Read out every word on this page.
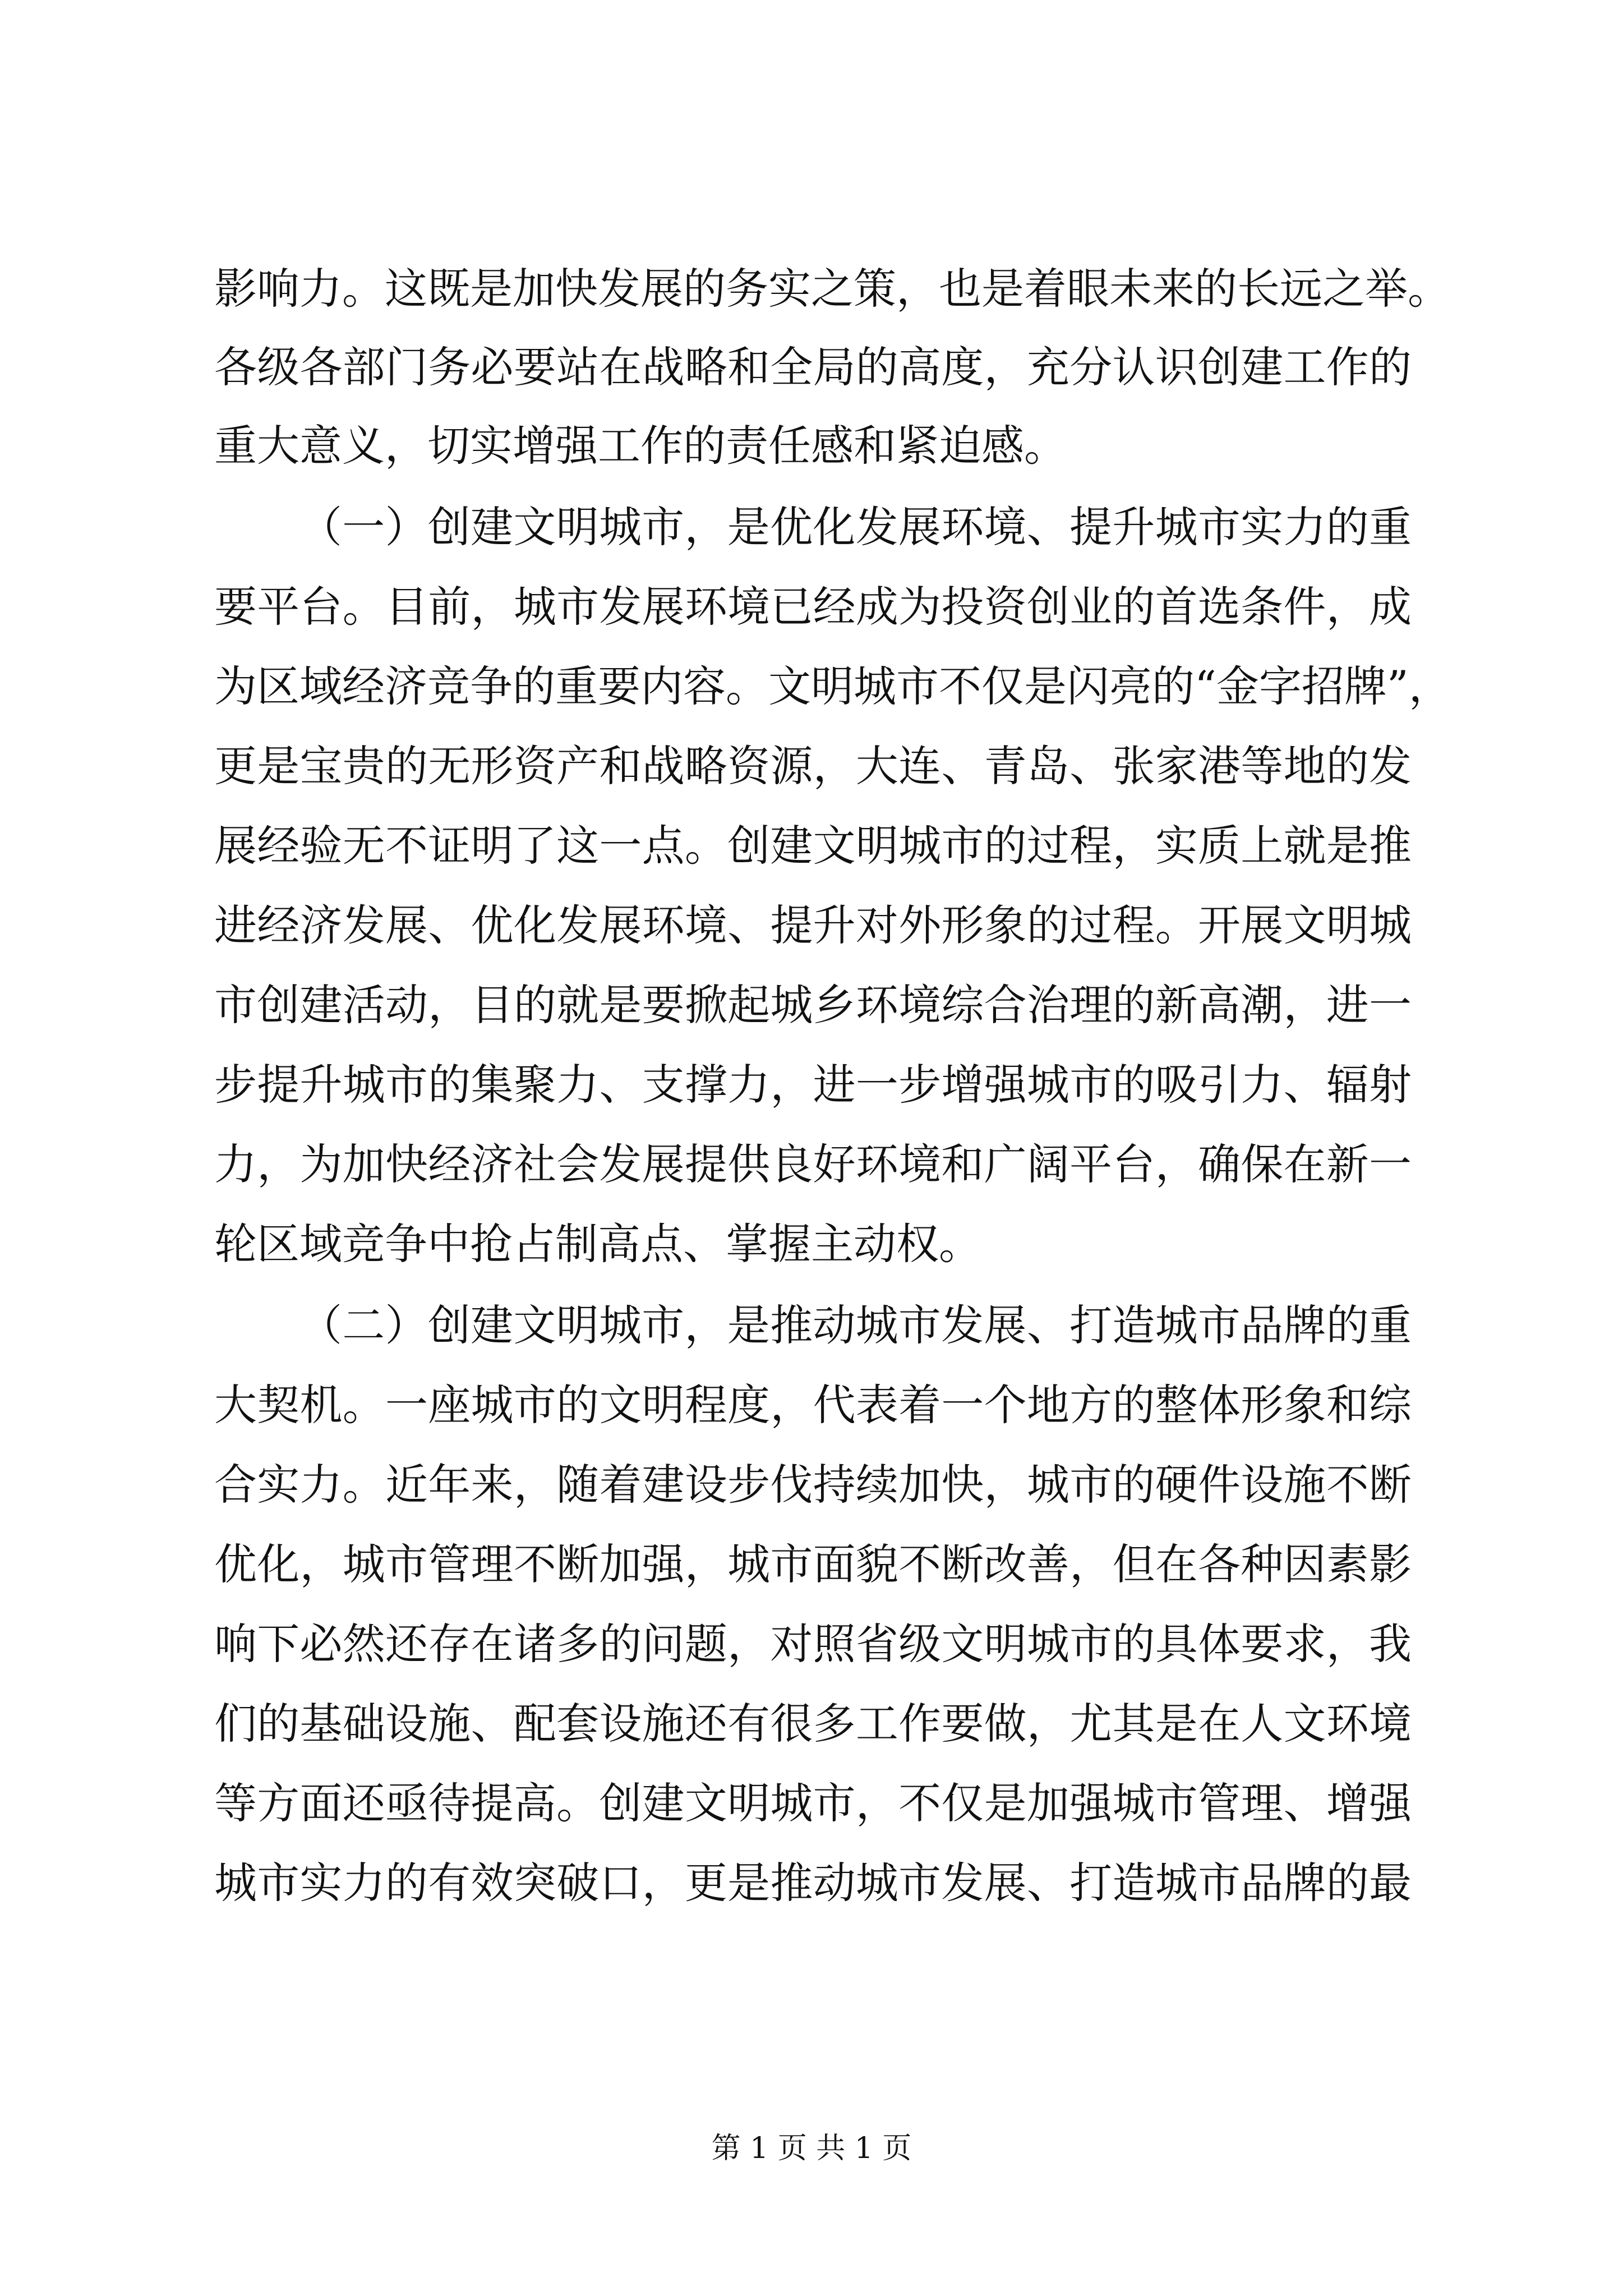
影响力。这既是加快发展的务实之策，也是着眼未来的长远之举。
各级各部门务必要站在战略和全局的高度，充分认识创建工作的
重大意义，切实增强工作的责任感和紧迫感。
（一）创建文明城市，是优化发展环境、提升城市实力的重
要平台。目前，城市发展环境已经成为投资创业的首选条件，成
为区域经济竞争的重要内容。文明城市不仅是闪亮的“金字招牌”，
更是宝贵的无形资产和战略资源，大连、青岛、张家港等地的发
展经验无不证明了这一点。创建文明城市的过程，实质上就是推
进经济发展、优化发展环境、提升对外形象的过程。开展文明城
市创建活动，目的就是要掀起城乡环境综合治理的新高潮，进一
步提升城市的集聚力、支撑力，进一步增强城市的吸引力、辐射
力，为加快经济社会发展提供良好环境和广阔平台，确保在新一
轮区域竞争中抢占制高点、掌握主动权。
（二）创建文明城市，是推动城市发展、打造城市品牌的重
大契机。一座城市的文明程度，代表着一个地方的整体形象和综
合实力。近年来，随着建设步伐持续加快，城市的硬件设施不断
优化，城市管理不断加强，城市面貌不断改善，但在各种因素影
响下必然还存在诸多的问题，对照省级文明城市的具体要求，我
们的基础设施、配套设施还有很多工作要做，尤其是在人文环境
等方面还亟待提高。创建文明城市，不仅是加强城市管理、增强
城市实力的有效突破口，更是推动城市发展、打造城市品牌的最
第 1 页 共 1 页
